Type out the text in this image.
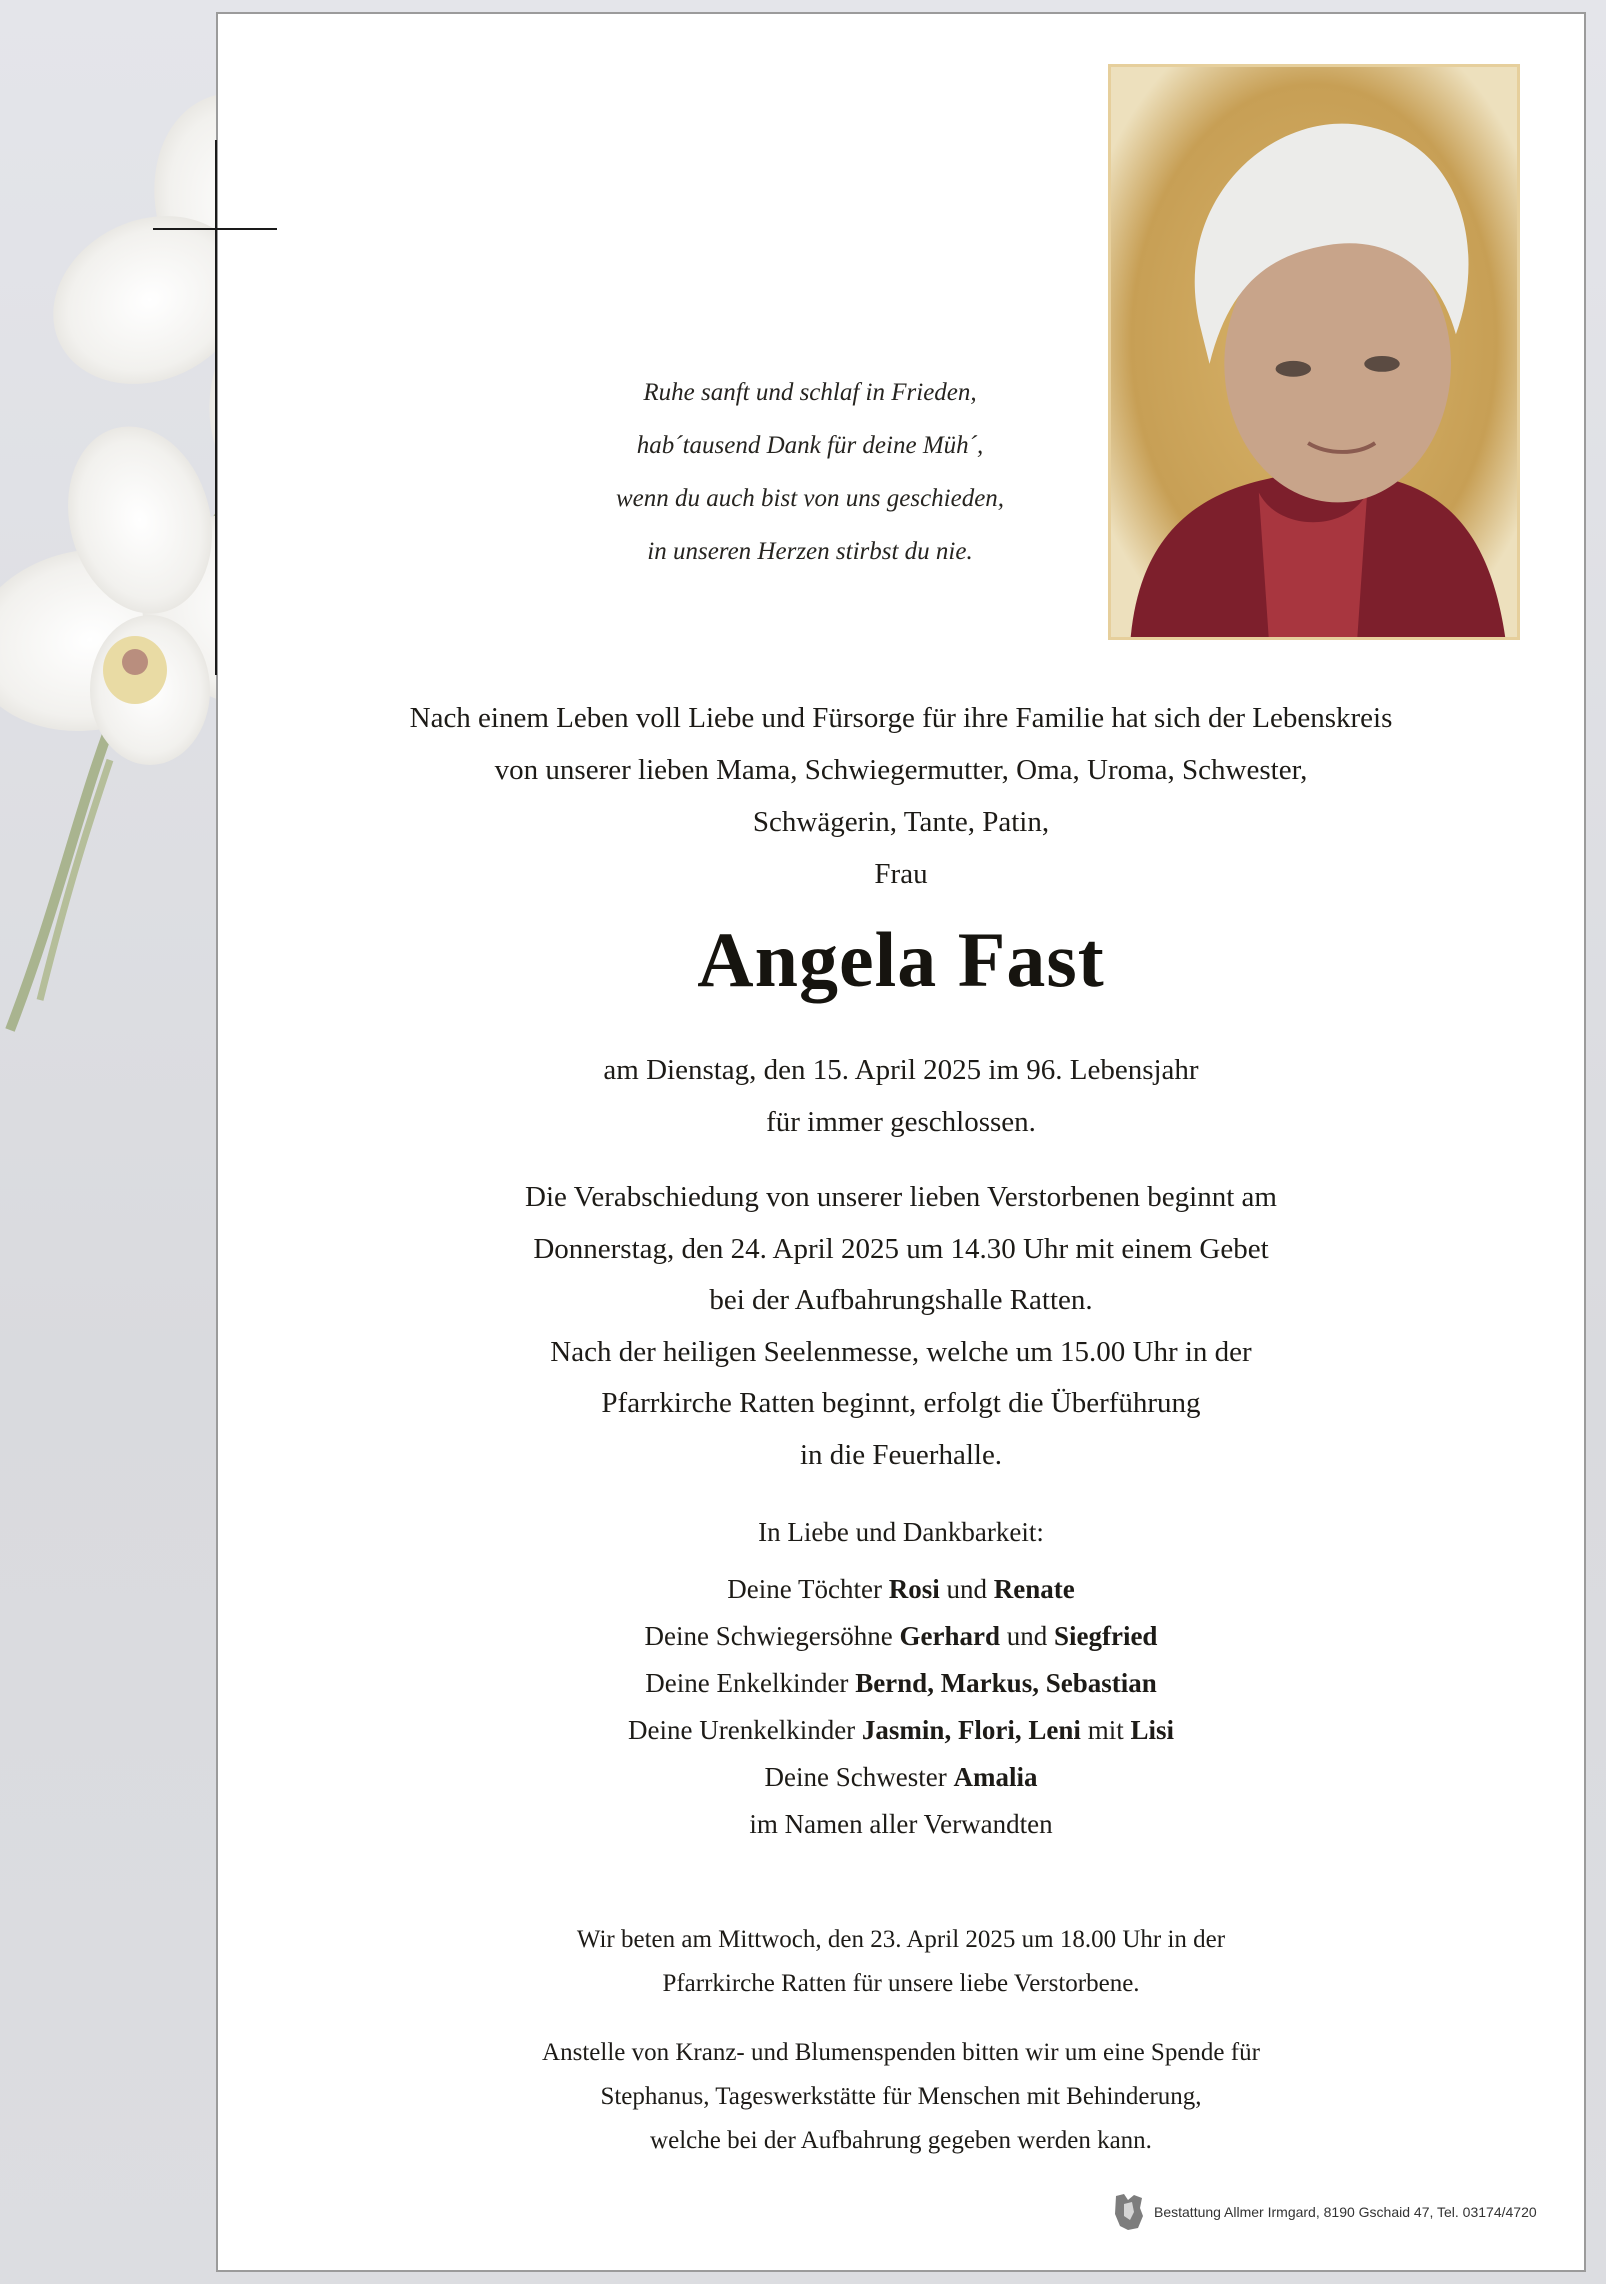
Ruhe sanft und schlaf in Frieden,
hab´tausend Dank für deine Müh´,
wenn du auch bist von uns geschieden,
in unseren Herzen stirbst du nie.
Nach einem Leben voll Liebe und Fürsorge für ihre Familie hat sich der Lebenskreis
von unserer lieben Mama, Schwiegermutter, Oma, Uroma, Schwester,
Schwägerin, Tante, Patin,
Frau
Angela Fast
am Dienstag, den 15. April 2025 im 96. Lebensjahr
für immer geschlossen.
Die Verabschiedung von unserer lieben Verstorbenen beginnt am
Donnerstag, den 24. April 2025 um 14.30 Uhr mit einem Gebet
bei der Aufbahrungshalle Ratten.
Nach der heiligen Seelenmesse, welche um 15.00 Uhr in der
Pfarrkirche Ratten beginnt, erfolgt die Überführung
in die Feuerhalle.
In Liebe und Dankbarkeit:
Deine Töchter Rosi und Renate
Deine Schwiegersöhne Gerhard und Siegfried
Deine Enkelkinder Bernd, Markus, Sebastian
Deine Urenkelkinder Jasmin, Flori, Leni mit Lisi
Deine Schwester Amalia
im Namen aller Verwandten
Wir beten am Mittwoch, den 23. April 2025 um 18.00 Uhr in der
Pfarrkirche Ratten für unsere liebe Verstorbene.
Anstelle von Kranz- und Blumenspenden bitten wir um eine Spende für
Stephanus, Tageswerkstätte für Menschen mit Behinderung,
welche bei der Aufbahrung gegeben werden kann.
Bestattung Allmer Irmgard, 8190 Gschaid 47, Tel. 03174/4720
